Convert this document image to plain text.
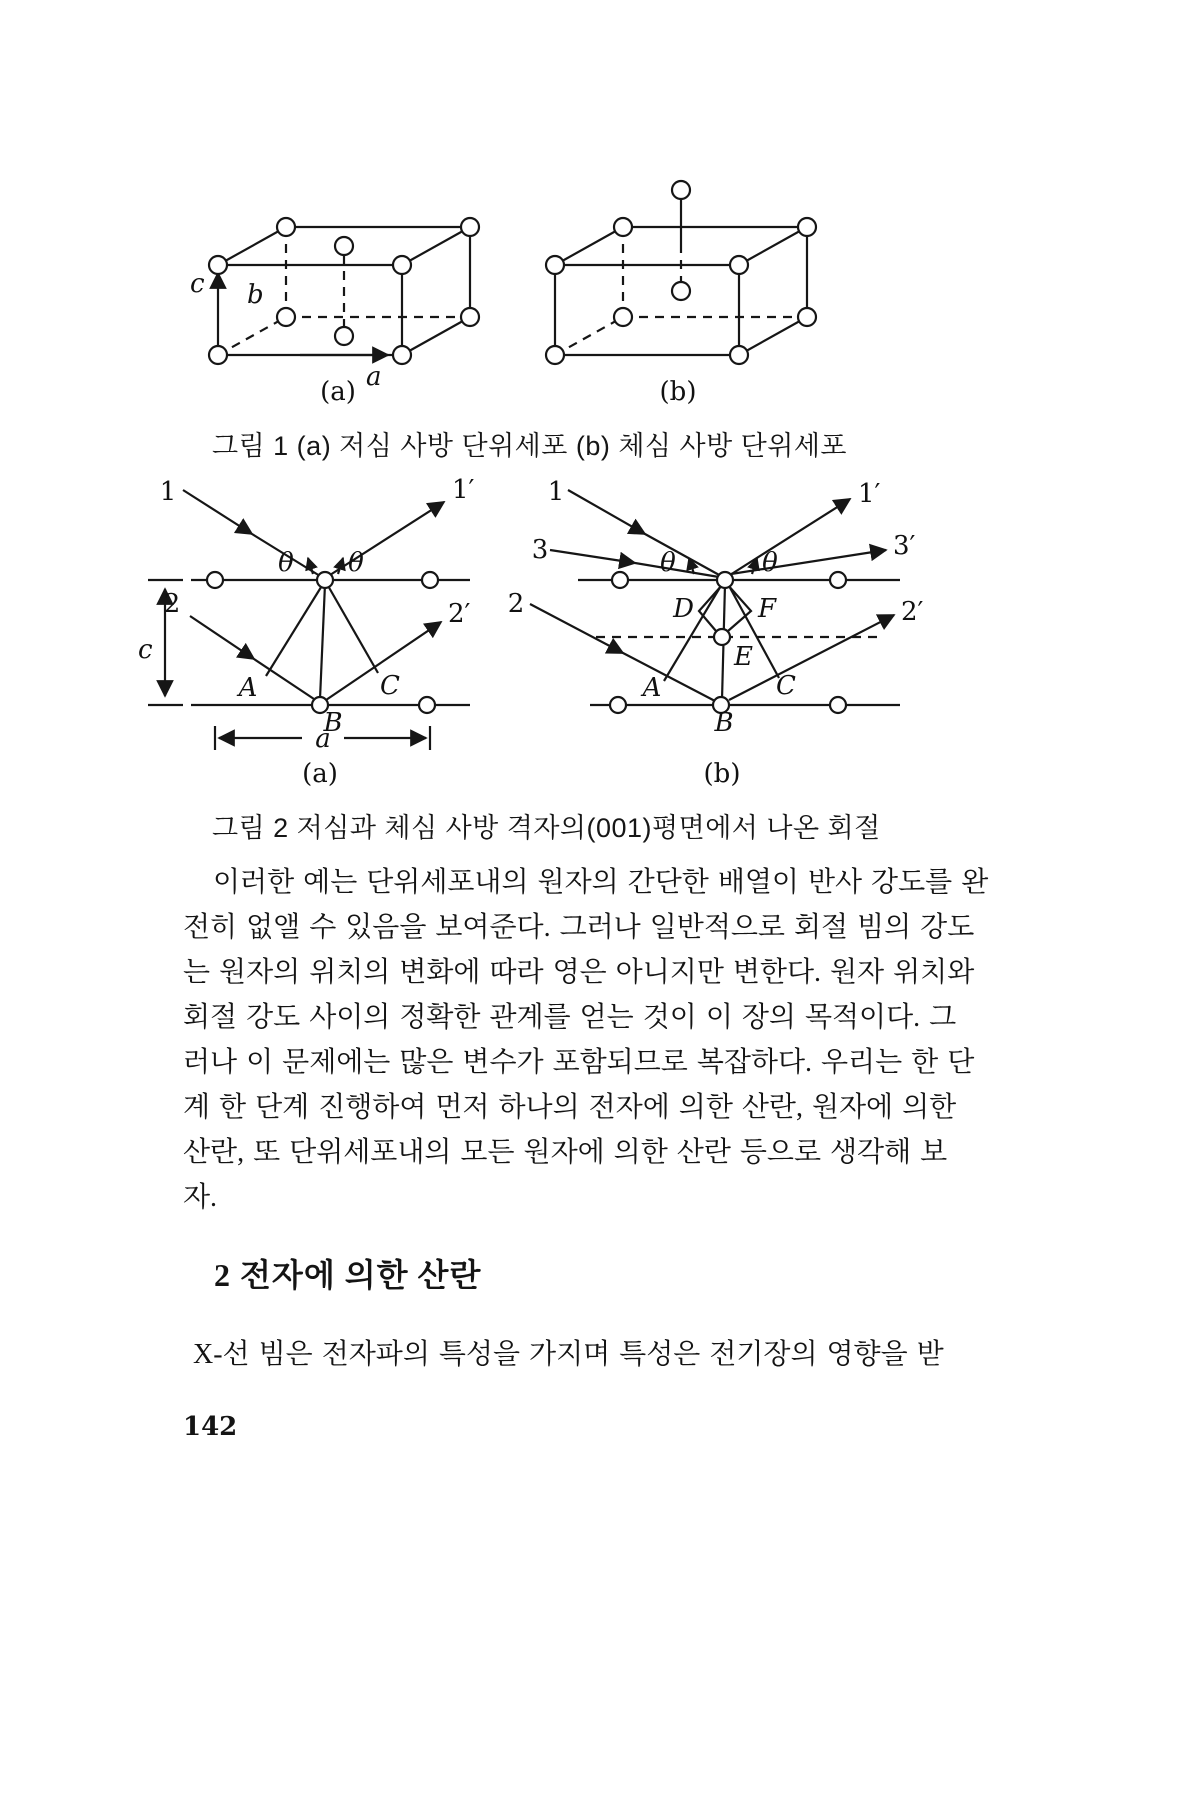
c b
a
(a)	(b)
그림 1 (a) 저심 사방 단위세포 (b) 체심 사방 단위세포
c
a
1	1′
2	2′
θ θ
A
B
C
(a)
1	1′
3	3′
2	2′
θ	θ
D F
E
A
B
C
(b)
그림 2 저심과 체심 사방 격자의(001)평면에서 나온 회절
이러한 예는 단위세포내의 원자의 간단한 배열이 반사 강도를 완
전히 없앨 수 있음을 보여준다. 그러나 일반적으로 회절 빔의 강도
는 원자의 위치의 변화에 따라 영은 아니지만 변한다. 원자 위치와
회절 강도 사이의 정확한 관계를 얻는 것이 이 장의 목적이다. 그
러나 이 문제에는 많은 변수가 포함되므로 복잡하다. 우리는 한 단
계 한 단계 진행하여 먼저 하나의 전자에 의한 산란, 원자에 의한
산란, 또 단위세포내의 모든 원자에 의한 산란 등으로 생각해 보
자.
2 전자에 의한 산란
X-선 빔은 전자파의 특성을 가지며 특성은 전기장의 영향을 받
142
